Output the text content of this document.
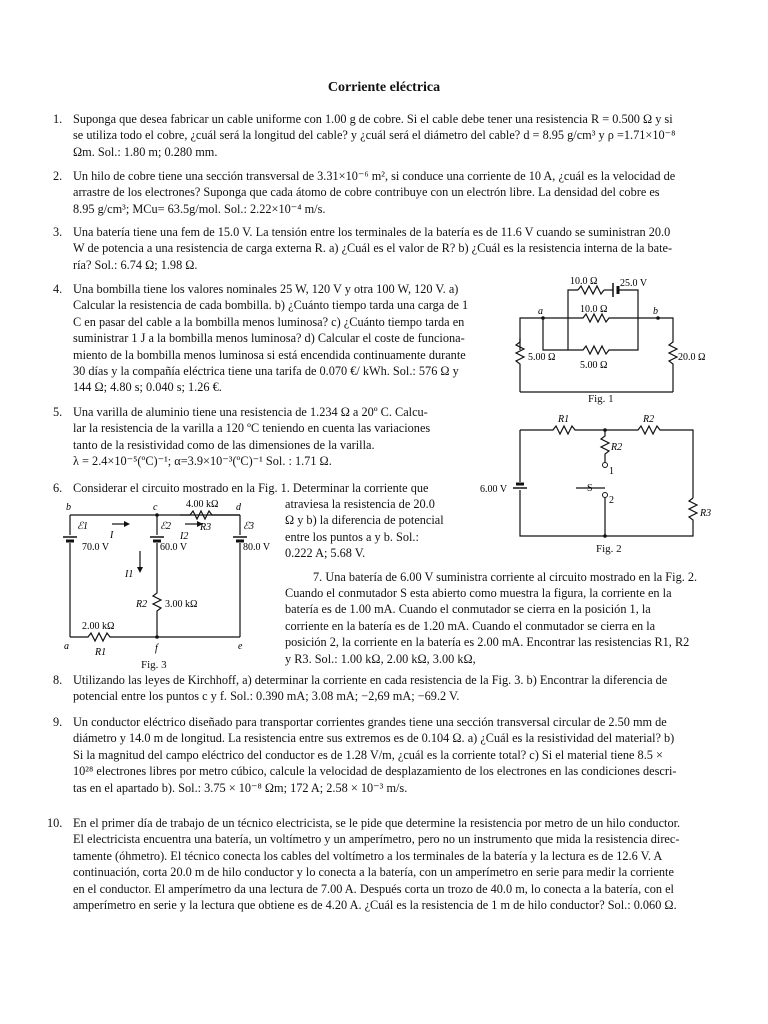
Corriente eléctrica
1. Suponga que desea fabricar un cable uniforme con 1.00 g de cobre. Si el cable debe tener una resistencia R = 0.500 Ω y si
se utiliza todo el cobre, ¿cuál será la longitud del cable? y ¿cuál será el diámetro del cable? d = 8.95 g/cm³ y ρ =1.71×10⁻⁸
Ωm. Sol.: 1.80 m; 0.280 mm.
2. Un hilo de cobre tiene una sección transversal de 3.31×10⁻⁶ m², si conduce una corriente de 10 A, ¿cuál es la velocidad de
arrastre de los electrones? Suponga que cada átomo de cobre contribuye con un electrón libre. La densidad del cobre es
8.95 g/cm³; MCu= 63.5g/mol. Sol.: 2.22×10⁻⁴ m/s.
3. Una batería tiene una fem de 15.0 V. La tensión entre los terminales de la batería es de 11.6 V cuando se suministran 20.0
W de potencia a una resistencia de carga externa R. a) ¿Cuál es el valor de R? b) ¿Cuál es la resistencia interna de la bate-
ría? Sol.: 6.74 Ω; 1.98 Ω.
4. Una bombilla tiene los valores nominales 25 W, 120 V y otra 100 W, 120 V. a)
Calcular la resistencia de cada bombilla. b) ¿Cuánto tiempo tarda una carga de 1
C en pasar del cable a la bombilla menos luminosa? c) ¿Cuánto tiempo tarda en
suministrar 1 J a la bombilla menos luminosa? d) Calcular el coste de funciona-
miento de la bombilla menos luminosa si está encendida continuamente durante
30 días y la compañía eléctrica tiene una tarifa de 0.070 €/ kWh. Sol.: 576 Ω y
144 Ω; 4.80 s; 0.040 s; 1.26 €.
5. Una varilla de aluminio tiene una resistencia de 1.234 Ω a 20º C. Calcu-
lar la resistencia de la varilla a 120 ºC teniendo en cuenta las variaciones
tanto de la resistividad como de las dimensiones de la varilla.
λ = 2.4×10⁻⁵(ºC)⁻¹; α=3.9×10⁻³(ºC)⁻¹ Sol. : 1.71 Ω.
6. Considerar el circuito mostrado en la Fig. 1. Determinar la corriente que
atraviesa la resistencia de 20.0
Ω y b) la diferencia de potencial
entre los puntos a y b. Sol.:
0.222 A; 5.68 V.
7. Una batería de 6.00 V suministra corriente al circuito mostrado en la Fig. 2.
Cuando el conmutador S esta abierto como muestra la figura, la corriente en la
batería es de 1.00 mA. Cuando el conmutador se cierra en la posición 1, la
corriente en la batería es de 1.20 mA. Cuando el conmutador se cierra en la
posición 2, la corriente en la batería es 2.00 mA. Encontrar las resistencias R1, R2
y R3. Sol.: 1.00 kΩ, 2.00 kΩ, 3.00 kΩ,
8. Utilizando las leyes de Kirchhoff, a) determinar la corriente en cada resistencia de la Fig. 3. b) Encontrar la diferencia de
potencial entre los puntos c y f. Sol.: 0.390 mA; 3.08 mA; −2,69 mA; −69.2 V.
9. Un conductor eléctrico diseñado para transportar corrientes grandes tiene una sección transversal circular de 2.50 mm de
diámetro y 14.0 m de longitud. La resistencia entre sus extremos es de 0.104 Ω. a) ¿Cuál es la resistividad del material? b)
Si la magnitud del campo eléctrico del conductor es de 1.28 V/m, ¿cuál es la corriente total? c) Si el material tiene 8.5 ×
10²⁸ electrones libres por metro cúbico, calcule la velocidad de desplazamiento de los electrones en las condiciones descri-
tas en el apartado b). Sol.: 3.75 × 10⁻⁸ Ωm; 172 A; 2.58 × 10⁻³ m/s.
10. En el primer día de trabajo de un técnico electricista, se le pide que determine la resistencia por metro de un hilo conductor.
El electricista encuentra una batería, un voltímetro y un amperímetro, pero no un instrumento que mida la resistencia direc-
tamente (óhmetro). El técnico conecta los cables del voltímetro a los terminales de la batería y la lectura es de 12.6 V. A
continuación, corta 20.0 m de hilo conductor y lo conecta a la batería, con un amperímetro en serie para medir la corriente
en el conductor. El amperímetro da una lectura de 7.00 A. Después corta un trozo de 40.0 m, lo conecta a la batería, con el
amperímetro en serie y la lectura que obtiene es de 4.20 A. ¿Cuál es la resistencia de 1 m de hilo conductor? Sol.: 0.060 Ω.
10.0 Ω 25.0 V
10.0 Ω
5.00 Ω
5.00 Ω
20.0 Ω
a	b
Fig. 1
R1	R2
R2
R3
6.00 V	S
1
2
Fig. 2
ℰ1	ℰ2	ℰ3
70.0 V	60.0 V	80.0 V
4.00 kΩ
R3
3.00 kΩ
R2
2.00 kΩ
R1
I
I1
I2
b	c	d
a	f	e
Fig. 3
